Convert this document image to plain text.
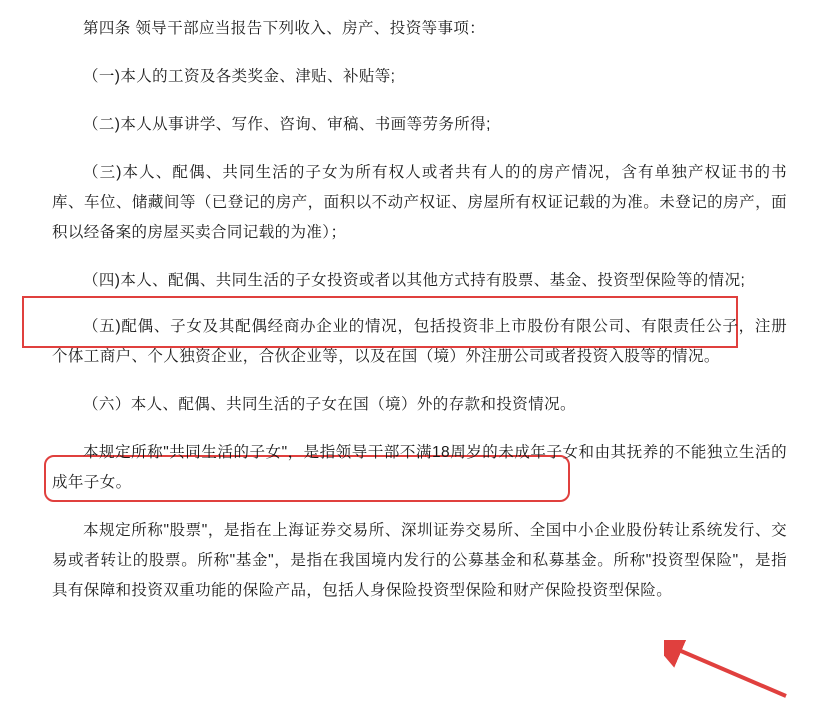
第四条 领导干部应当报告下列收入、房产、投资等事项：

（一)本人的工资及各类奖金、津贴、补贴等;

（二)本人从事讲学、写作、咨询、审稿、书画等劳务所得;

（三)本人、配偶、共同生活的子女为所有权人或者共有人的的房产情况，含有单独产权证书的书库、车位、储藏间等（已登记的房产，面积以不动产权证、房屋所有权证记载的为准。未登记的房产，面积以经备案的房屋买卖合同记载的为准）；

（四)本人、配偶、共同生活的子女投资或者以其他方式持有股票、基金、投资型保险等的情况;

（五)配偶、子女及其配偶经商办企业的情况，包括投资非上市股份有限公司、有限责任公子，注册个体工商户、个人独资企业，合伙企业等，以及在国（境）外注册公司或者投资入股等的情况。

（六）本人、配偶、共同生活的子女在国（境）外的存款和投资情况。

本规定所称"共同生活的子女"，是指领导干部不满18周岁的未成年子女和由其抚养的不能独立生活的成年子女。

本规定所称"股票"，是指在上海证券交易所、深圳证券交易所、全国中小企业股份转让系统发行、交易或者转让的股票。所称"基金"，是指在我国境内发行的公募基金和私募基金。所称"投资型保险"，是指具有保障和投资双重功能的保险产品，包括人身保险投资型保险和财产保险投资型保险。
